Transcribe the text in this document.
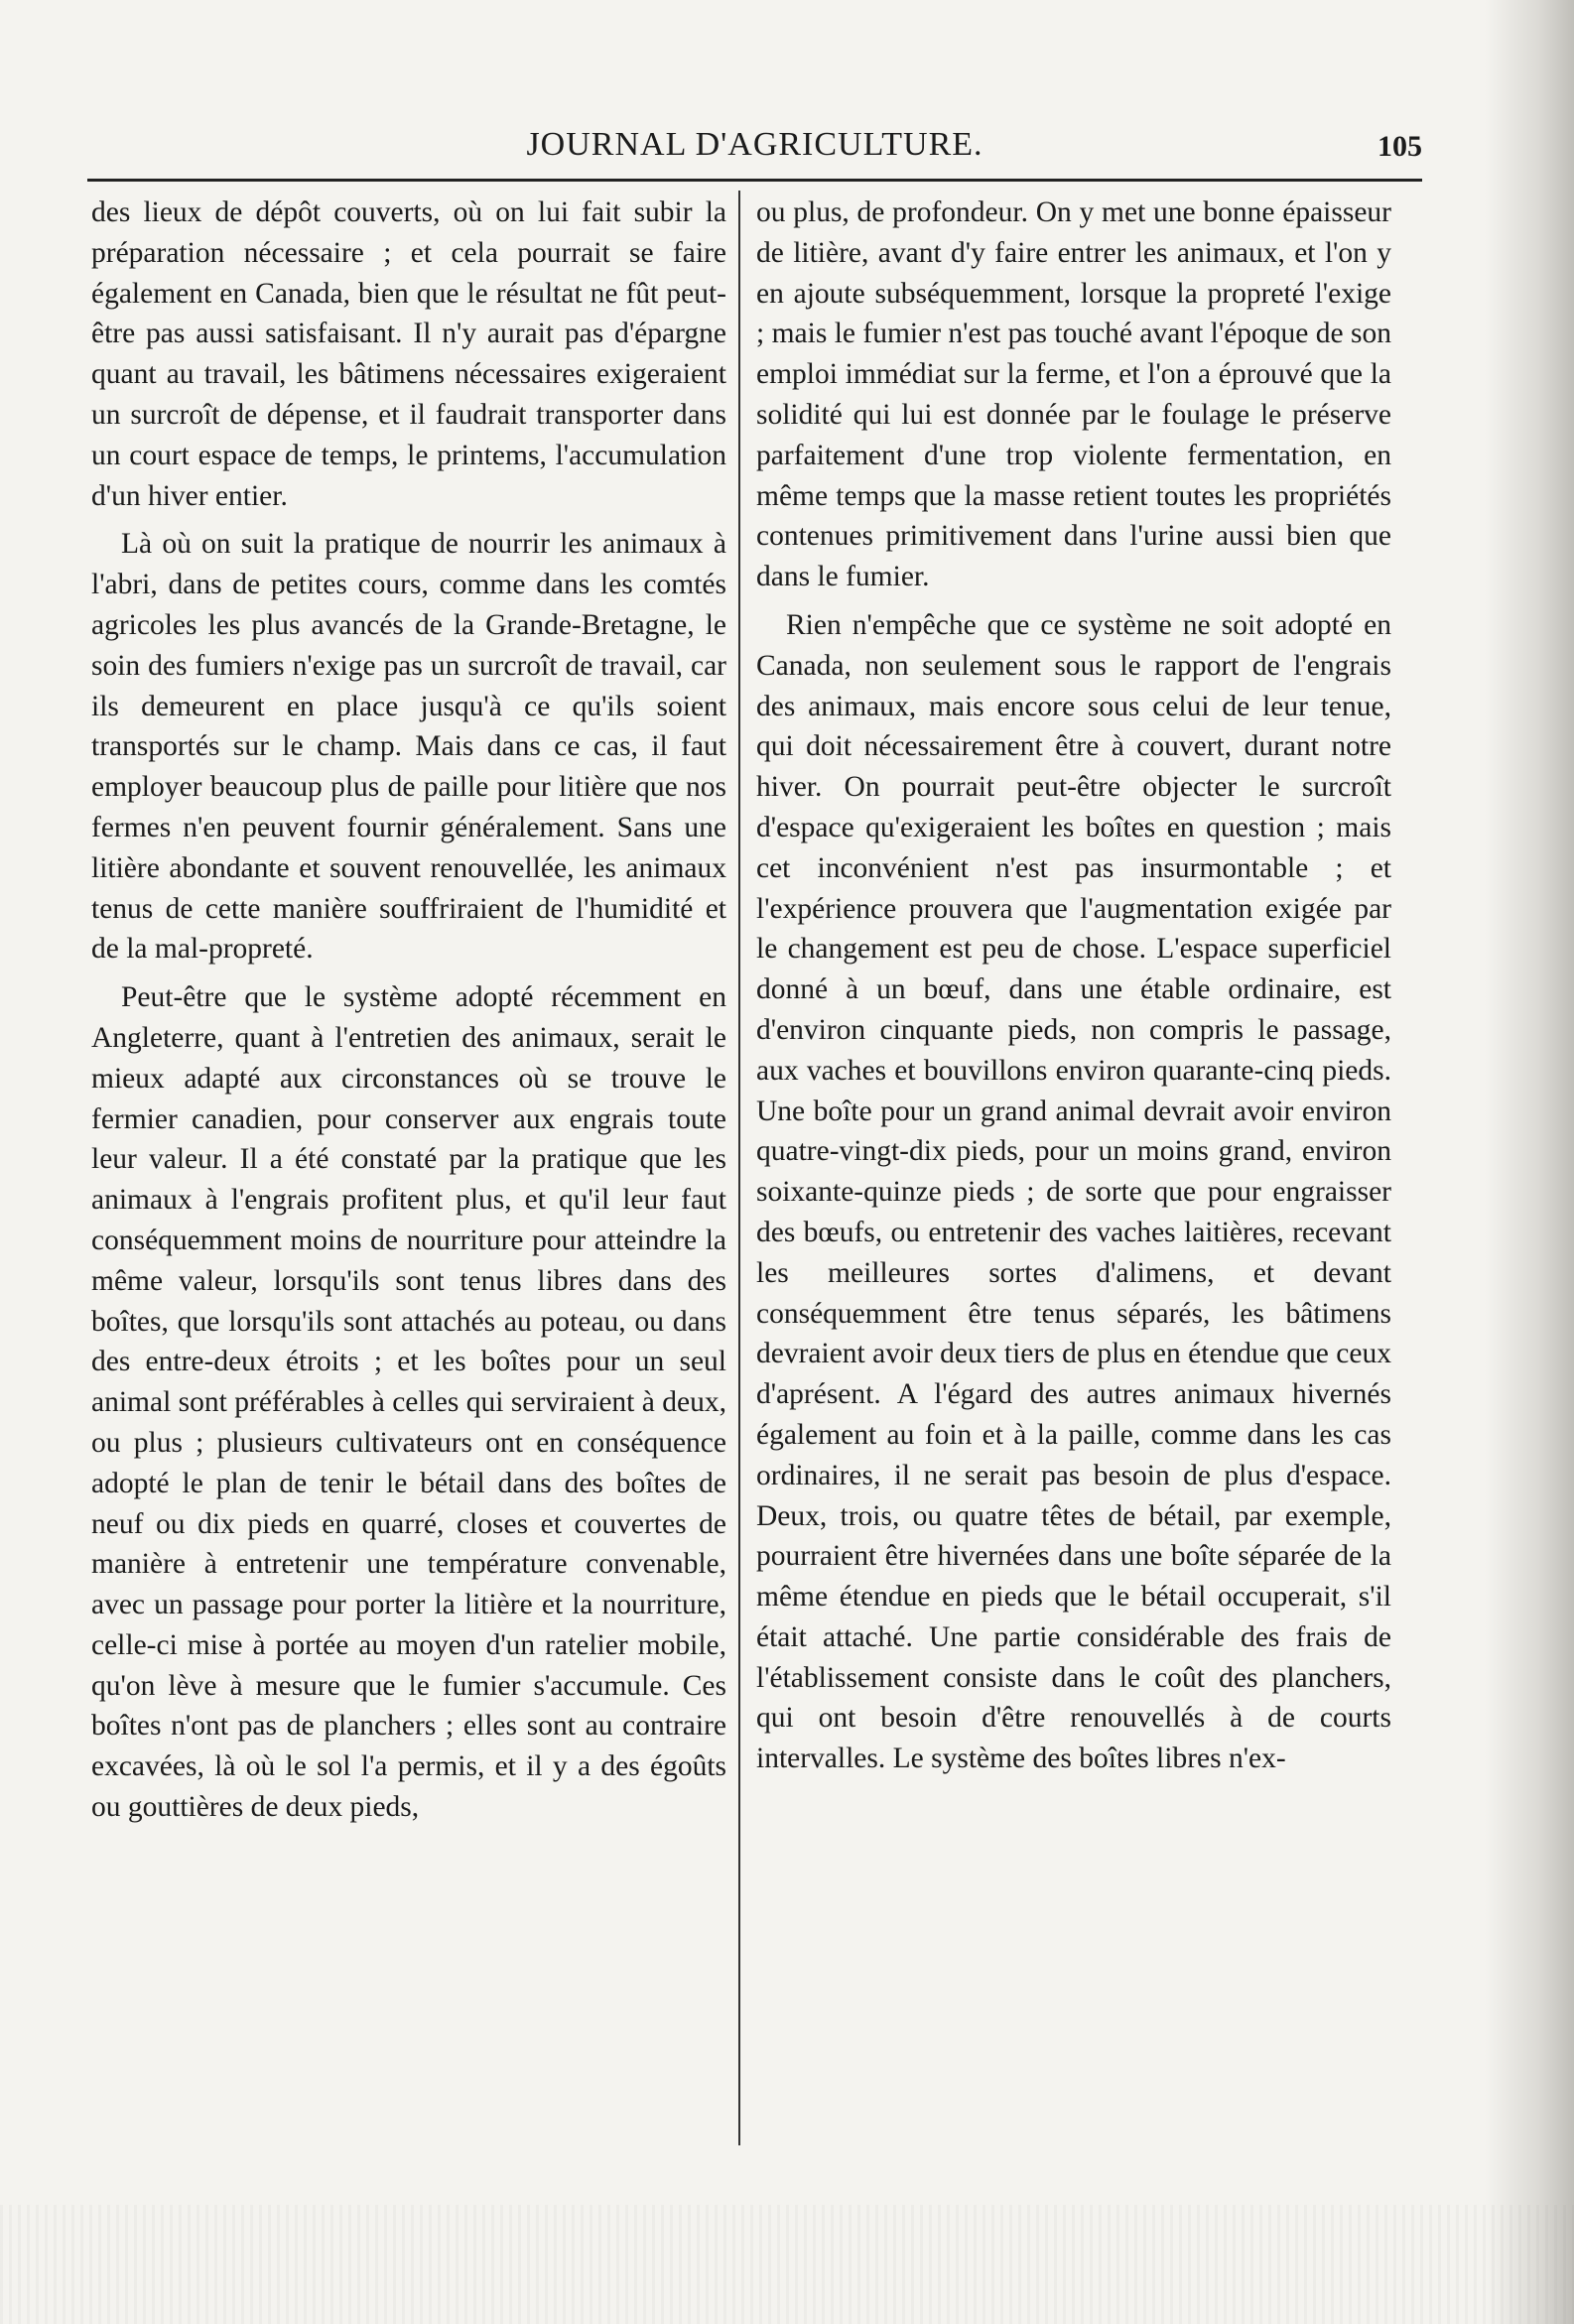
JOURNAL D'AGRICULTURE.	105

des lieux de dépôt couverts, où on lui fait subir la préparation nécessaire ; et cela pourrait se faire également en Canada, bien que le résultat ne fût peut-être pas aussi satisfaisant. Il n'y aurait pas d'épargne quant au travail, les bâtimens nécessaires exigeraient un surcroît de dépense, et il faudrait transporter dans un court espace de temps, le printems, l'accumulation d'un hiver entier.

Là où on suit la pratique de nourrir les animaux à l'abri, dans de petites cours, comme dans les comtés agricoles les plus avancés de la Grande-Bretagne, le soin des fumiers n'exige pas un surcroît de travail, car ils demeurent en place jusqu'à ce qu'ils soient transportés sur le champ. Mais dans ce cas, il faut employer beaucoup plus de paille pour litière que nos fermes n'en peuvent fournir généralement. Sans une litière abondante et souvent renouvellée, les animaux tenus de cette manière souffriraient de l'humidité et de la mal-propreté.

Peut-être que le système adopté récemment en Angleterre, quant à l'entretien des animaux, serait le mieux adapté aux circonstances où se trouve le fermier canadien, pour conserver aux engrais toute leur valeur. Il a été constaté par la pratique que les animaux à l'engrais profitent plus, et qu'il leur faut conséquemment moins de nourriture pour atteindre la même valeur, lorsqu'ils sont tenus libres dans des boîtes, que lorsqu'ils sont attachés au poteau, ou dans des entre-deux étroits ; et les boîtes pour un seul animal sont préférables à celles qui serviraient à deux, ou plus ; plusieurs cultivateurs ont en conséquence adopté le plan de tenir le bétail dans des boîtes de neuf ou dix pieds en quarré, closes et couvertes de manière à entretenir une température convenable, avec un passage pour porter la litière et la nourriture, celle-ci mise à portée au moyen d'un ratelier mobile, qu'on lève à mesure que le fumier s'accumule. Ces boîtes n'ont pas de planchers ; elles sont au contraire excavées, là où le sol l'a permis, et il y a des égoûts ou gouttières de deux pieds,

ou plus, de profondeur. On y met une bonne épaisseur de litière, avant d'y faire entrer les animaux, et l'on y en ajoute subséquemment, lorsque la propreté l'exige ; mais le fumier n'est pas touché avant l'époque de son emploi immédiat sur la ferme, et l'on a éprouvé que la solidité qui lui est donnée par le foulage le préserve parfaitement d'une trop violente fermentation, en même temps que la masse retient toutes les propriétés contenues primitivement dans l'urine aussi bien que dans le fumier.

Rien n'empêche que ce système ne soit adopté en Canada, non seulement sous le rapport de l'engrais des animaux, mais encore sous celui de leur tenue, qui doit nécessairement être à couvert, durant notre hiver. On pourrait peut-être objecter le surcroît d'espace qu'exigeraient les boîtes en question ; mais cet inconvénient n'est pas insurmontable ; et l'expérience prouvera que l'augmentation exigée par le changement est peu de chose. L'espace superficiel donné à un bœuf, dans une étable ordinaire, est d'environ cinquante pieds, non compris le passage, aux vaches et bouvillons environ quarante-cinq pieds. Une boîte pour un grand animal devrait avoir environ quatre-vingt-dix pieds, pour un moins grand, environ soixante-quinze pieds ; de sorte que pour engraisser des bœufs, ou entretenir des vaches laitières, recevant les meilleures sortes d'alimens, et devant conséquemment être tenus séparés, les bâtimens devraient avoir deux tiers de plus en étendue que ceux d'aprésent. A l'égard des autres animaux hivernés également au foin et à la paille, comme dans les cas ordinaires, il ne serait pas besoin de plus d'espace. Deux, trois, ou quatre têtes de bétail, par exemple, pourraient être hivernées dans une boîte séparée de la même étendue en pieds que le bétail occuperait, s'il était attaché. Une partie considérable des frais de l'établissement consiste dans le coût des planchers, qui ont besoin d'être renouvellés à de courts intervalles. Le système des boîtes libres n'ex-
